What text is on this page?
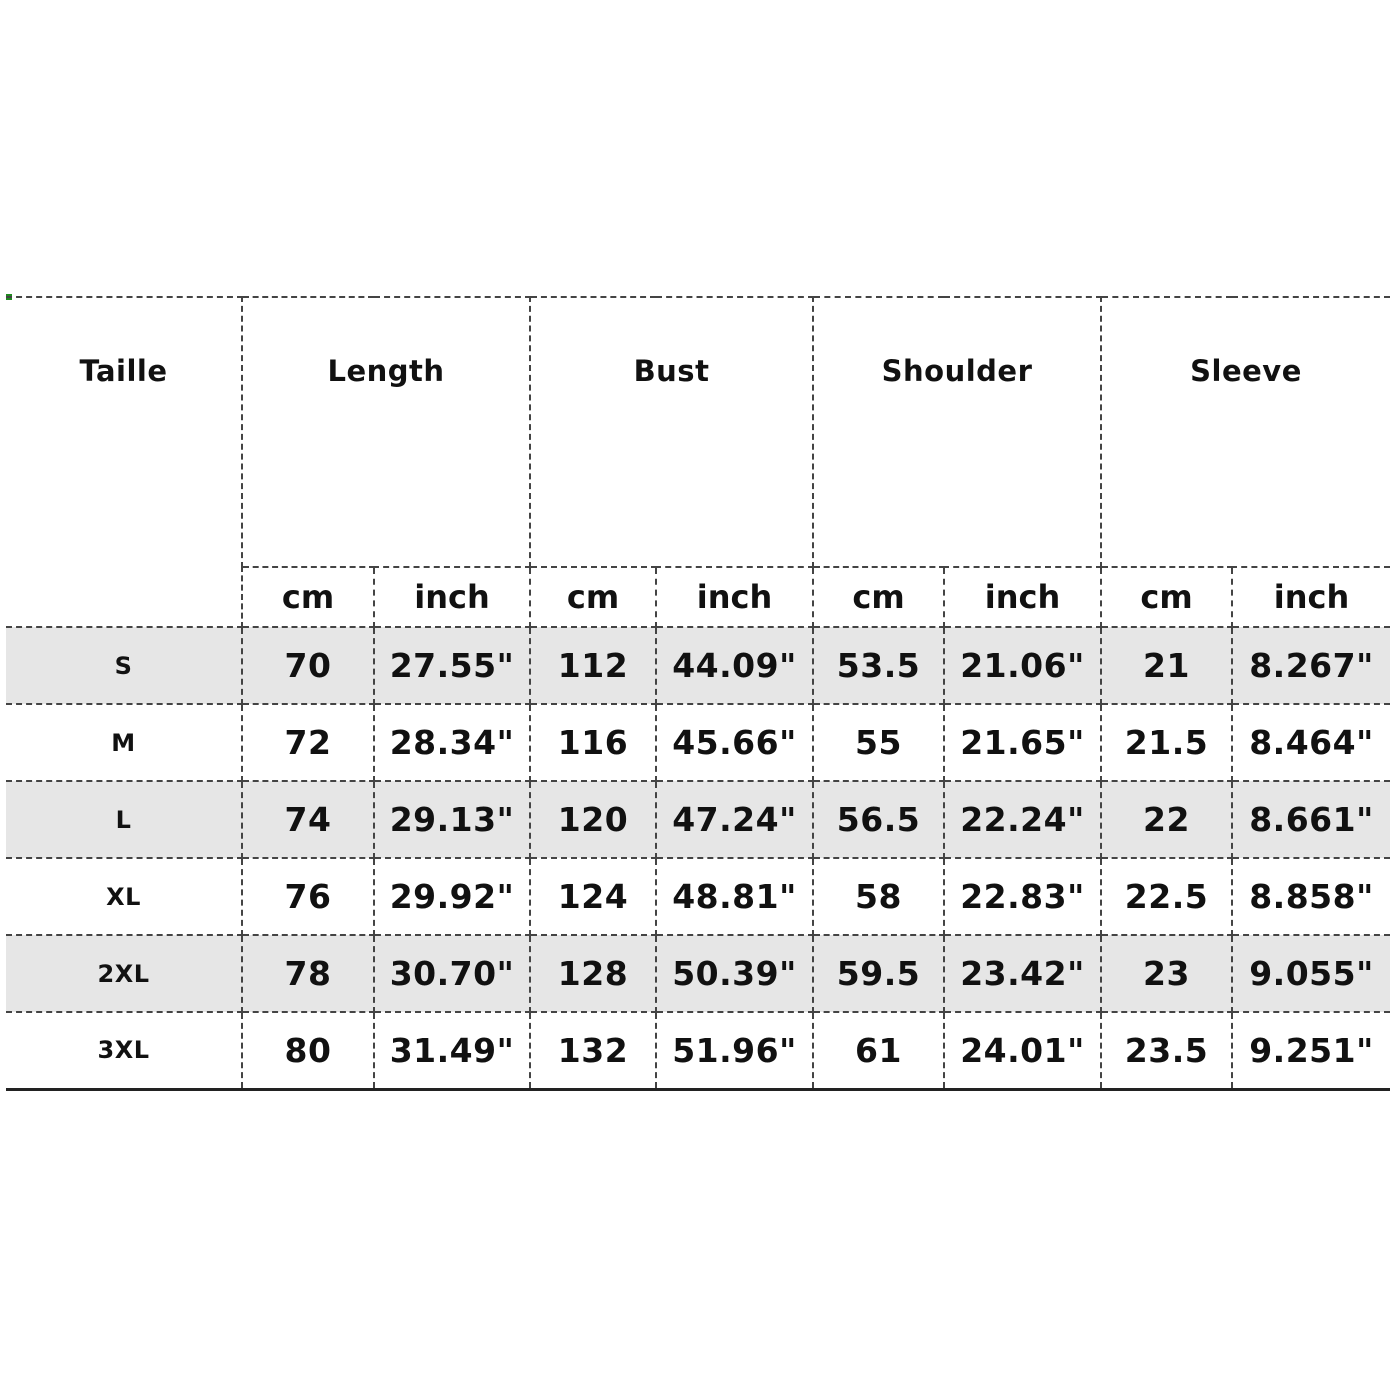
Taille	Length		Bust		Shoulder		Sleeve	
	cm	inch	cm	inch	cm	inch	cm	inch
S	70	27.55"	112	44.09"	53.5	21.06"	21	8.267"
M	72	28.34"	116	45.66"	55	21.65"	21.5	8.464"
L	74	29.13"	120	47.24"	56.5	22.24"	22	8.661"
XL	76	29.92"	124	48.81"	58	22.83"	22.5	8.858"
2XL	78	30.70"	128	50.39"	59.5	23.42"	23	9.055"
3XL	80	31.49"	132	51.96"	61	24.01"	23.5	9.251"
